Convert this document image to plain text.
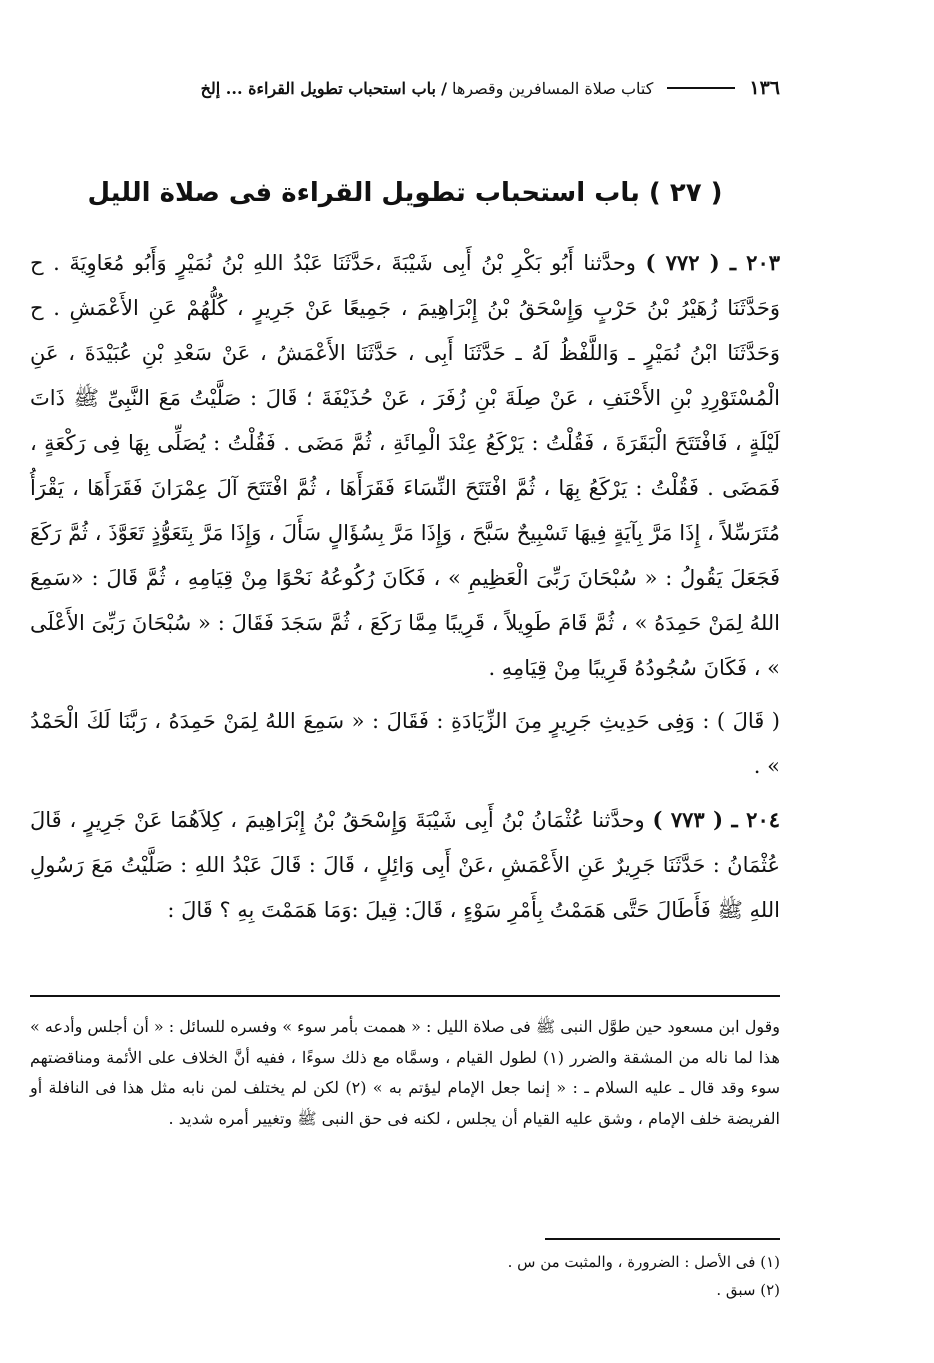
١٣٦
كتاب صلاة المسافرين وقصرها / باب استحباب تطويل القراءة ... إلخ
( ٢٧ ) باب استحباب تطويل القراءة فى صلاة الليل

٢٠٣ ـ ( ٧٧٢ ) وحدَّثنا أَبُو بَكْرِ بْنُ أَبِى شَيْبَةَ ،حَدَّثَنَا عَبْدُ اللهِ بْنُ نُمَيْرٍ وَأَبُو مُعَاوِيَةَ . ح وَحَدَّثَنَا زُهَيْرُ بْنُ حَرْبٍ وَإِسْحَقُ بْنُ إِبْرَاهِيمَ ، جَمِيعًا عَنْ جَرِيرٍ ، كُلُّهُمْ عَنِ الأَعْمَشِ . ح وَحَدَّثَنَا ابْنُ نُمَيْرٍ ـ وَاللَّفْظُ لَهُ ـ حَدَّثَنَا أَبِى ، حَدَّثَنَا الأَعْمَشُ ، عَنْ سَعْدِ بْنِ عُبَيْدَةَ ، عَنِ الْمُسْتَوْرِدِ بْنِ الأَحْنَفِ ، عَنْ صِلَةَ بْنِ زُفَرَ ، عَنْ حُذَيْفَةَ ؛ قَالَ : صَلَّيْتُ مَعَ النَّبِىِّ ﷺ ذَاتَ لَيْلَةٍ ، فَافْتَتَحَ الْبَقَرَةَ ، فَقُلْتُ : يَرْكَعُ عِنْدَ الْمِائَةِ ، ثُمَّ مَضَى . فَقُلْتُ : يُصَلِّى بِهَا فِى رَكْعَةٍ ، فَمَضَى . فَقُلْتُ : يَرْكَعُ بِهَا ، ثُمَّ افْتَتَحَ النِّسَاءَ فَقَرَأَهَا ، ثُمَّ افْتَتَحَ آلَ عِمْرَانَ فَقَرَأَهَا ، يَقْرَأُ مُتَرَسِّلاً ، إِذَا مَرَّ بِآيَةٍ فِيهَا تَسْبِيحٌ سَبَّحَ ، وَإِذَا مَرَّ بِسُؤَالٍ سَأَلَ ، وَإِذَا مَرَّ بِتَعَوُّذٍ تَعَوَّذَ ، ثُمَّ رَكَعَ فَجَعَلَ يَقُولُ : « سُبْحَانَ رَبِّىَ الْعَظِيمِ » ، فَكَانَ رُكُوعُهُ نَحْوًا مِنْ قِيَامِهِ ، ثُمَّ قَالَ : «سَمِعَ اللهُ لِمَنْ حَمِدَهُ » ، ثُمَّ قَامَ طَوِيلاً ، قَرِيبًا مِمَّا رَكَعَ ، ثُمَّ سَجَدَ فَقَالَ : « سُبْحَانَ رَبِّىَ الأَعْلَى » ، فَكَانَ سُجُودُهُ قَرِيبًا مِنْ قِيَامِهِ .

( قَالَ ) : وَفِى حَدِيثِ جَرِيرٍ مِنَ الزِّيَادَةِ : فَقَالَ : « سَمِعَ اللهُ لِمَنْ حَمِدَهُ ، رَبَّنَا لَكَ الْحَمْدُ » .

٢٠٤ ـ ( ٧٧٣ ) وحدَّثنا عُثْمَانُ بْنُ أَبِى شَيْبَةَ وَإِسْحَقُ بْنُ إِبْرَاهِيمَ ، كِلاَهُمَا عَنْ جَرِيرٍ ، قَالَ عُثْمَانُ : حَدَّثَنَا جَرِيرٌ عَنِ الأَعْمَشِ ،عَنْ أَبِى وَائِلٍ ، قَالَ : قَالَ عَبْدُ اللهِ : صَلَّيْتُ مَعَ رَسُولِ اللهِ ﷺ فَأَطَالَ حَتَّى هَمَمْتُ بِأَمْرِ سَوْءٍ ، قَالَ: قِيلَ :وَمَا هَمَمْتَ بِهِ ؟ قَالَ :

وقول ابن مسعود حين طوَّل النبى ﷺ فى صلاة الليل : « هممت بأمر سوء » وفسره للسائل : « أن أجلس وأدعه » هذا لما ناله من المشقة والضرر (١) لطول القيام ، وسمَّاه مع ذلك سوءًا ، ففيه أنَّ الخلاف على الأئمة ومناقضتهم سوء وقد قال ـ عليه السلام ـ : « إنما جعل الإمام ليؤتم به » (٢) لكن لم يختلف لمن نابه مثل هذا فى النافلة أو الفريضة خلف الإمام ، وشق عليه القيام أن يجلس ، لكنه فى حق النبى ﷺ وتغيير أمره شديد .

(١) فى الأصل : الضرورة ، والمثبت من س .

(٢) سبق .
